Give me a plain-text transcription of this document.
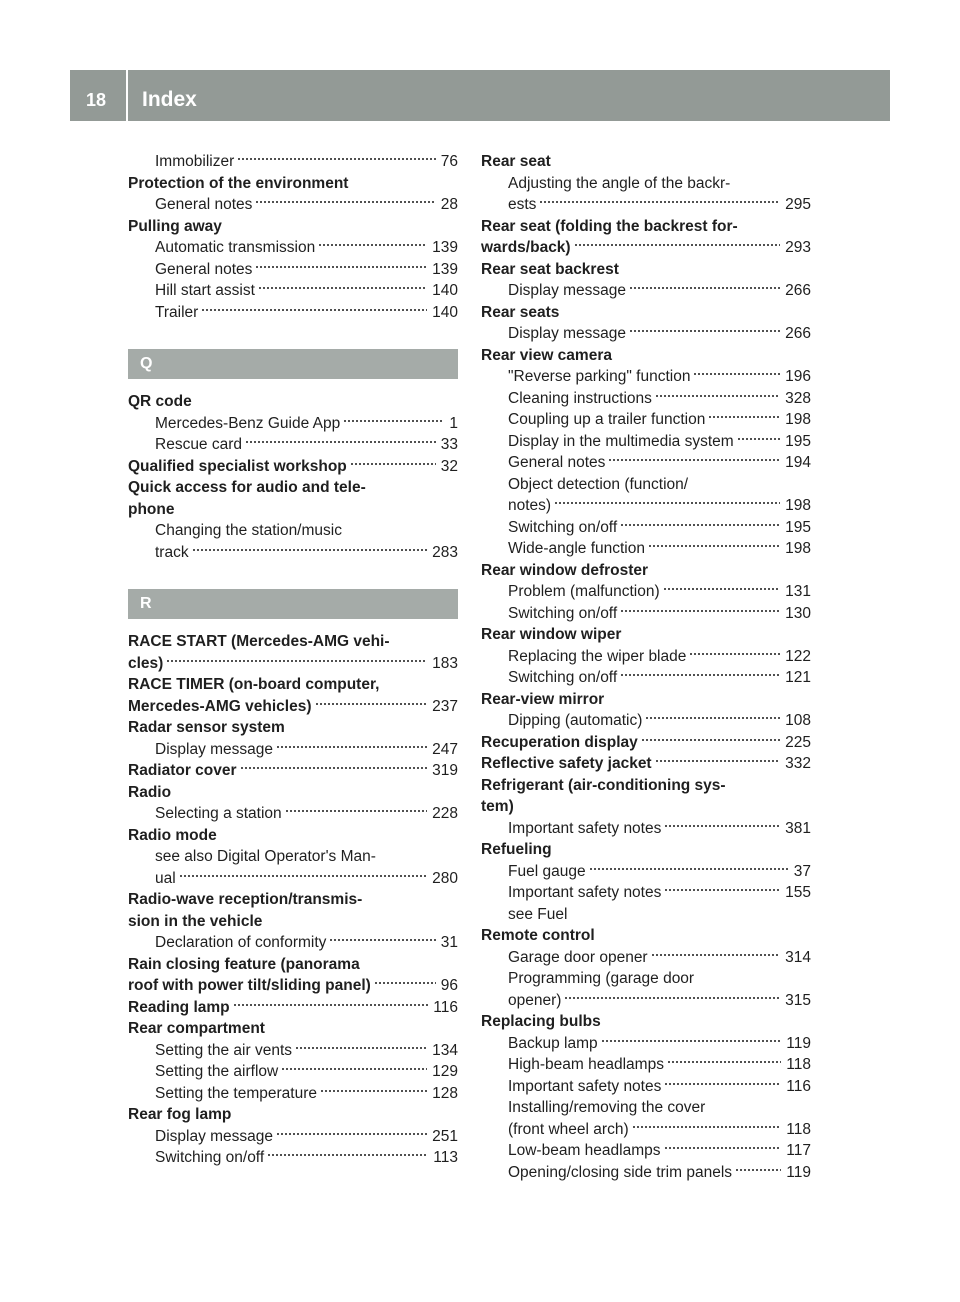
18 Index
Immobilizer	76
Protection of the environment
General notes	28
Pulling away
Automatic transmission	139
General notes	139
Hill start assist	140
Trailer	140
Q
QR code
Mercedes-Benz Guide App	1
Rescue card	33
Qualified specialist workshop	32
Quick access for audio and tele-
phone
Changing the station/music
track	283
R
RACE START (Mercedes-AMG vehi-
cles)	183
RACE TIMER (on-board computer,
Mercedes-AMG vehicles)	237
Radar sensor system
Display message	247
Radiator cover	319
Radio
Selecting a station	228
Radio mode
see also Digital Operator's Man-
ual	280
Radio-wave reception/transmis-
sion in the vehicle
Declaration of conformity	31
Rain closing feature (panorama
roof with power tilt/sliding panel)	96
Reading lamp	116
Rear compartment
Setting the air vents	134
Setting the airflow	129
Setting the temperature	128
Rear fog lamp
Display message	251
Switching on/off	113
Rear seat
Adjusting the angle of the backr-
ests	295
Rear seat (folding the backrest for-
wards/back)	293
Rear seat backrest
Display message	266
Rear seats
Display message	266
Rear view camera
"Reverse parking" function	196
Cleaning instructions	328
Coupling up a trailer function	198
Display in the multimedia system	195
General notes	194
Object detection (function/
notes)	198
Switching on/off	195
Wide-angle function	198
Rear window defroster
Problem (malfunction)	131
Switching on/off	130
Rear window wiper
Replacing the wiper blade	122
Switching on/off	121
Rear-view mirror
Dipping (automatic)	108
Recuperation display	225
Reflective safety jacket	332
Refrigerant (air-conditioning sys-
tem)
Important safety notes	381
Refueling
Fuel gauge	37
Important safety notes	155
see Fuel
Remote control
Garage door opener	314
Programming (garage door
opener)	315
Replacing bulbs
Backup lamp	119
High-beam headlamps	118
Important safety notes	116
Installing/removing the cover
(front wheel arch)	118
Low-beam headlamps	117
Opening/closing side trim panels	119
